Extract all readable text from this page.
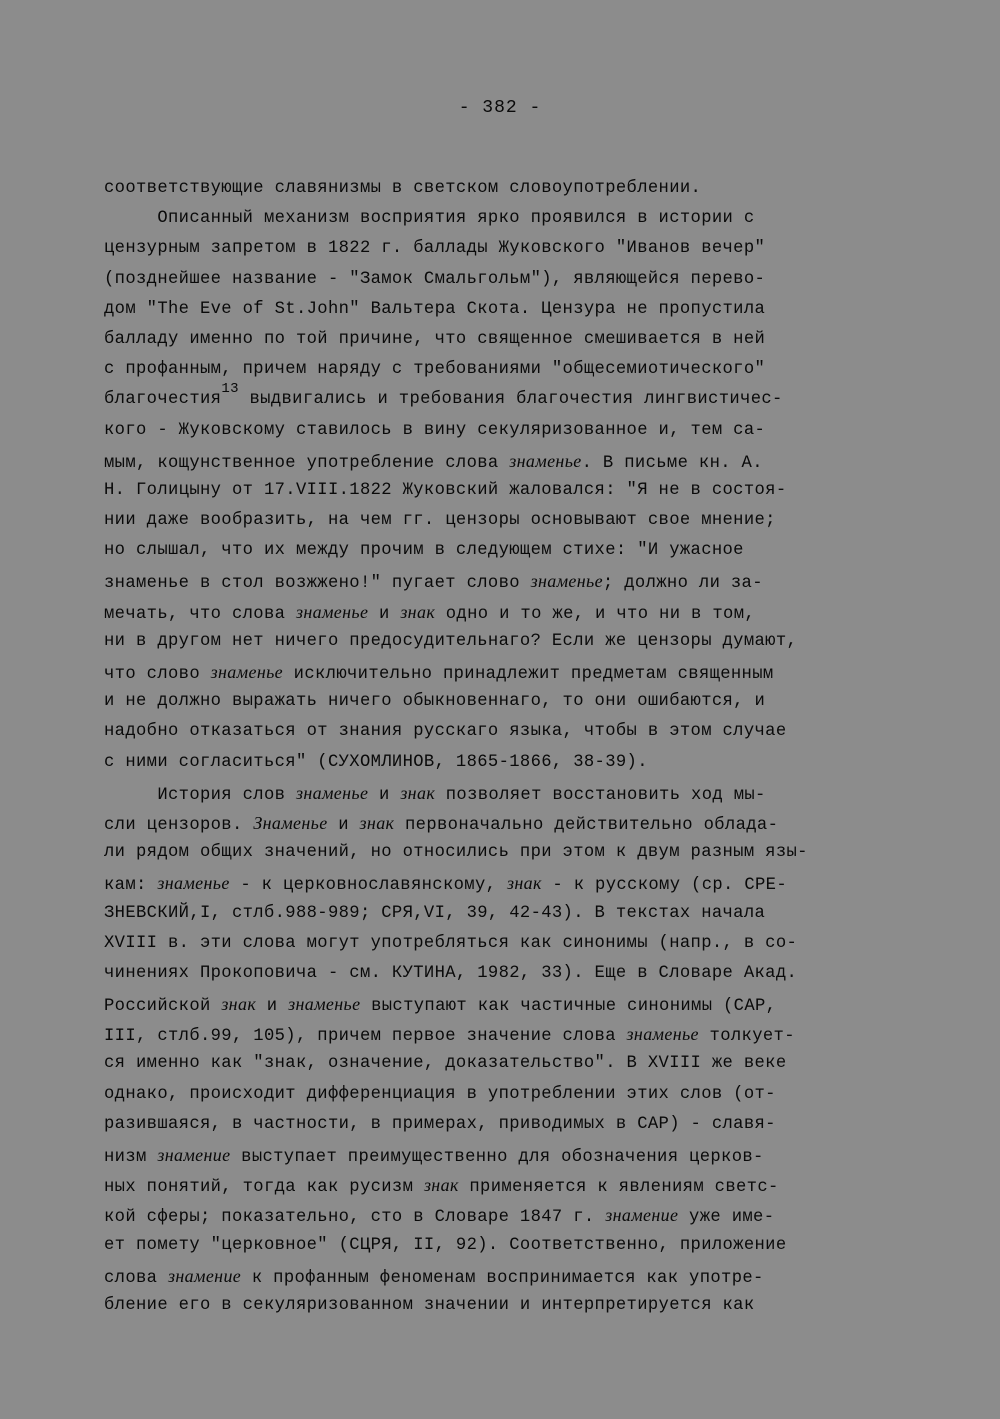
- 382 -
соответствующие славянизмы в светском словоупотреблении.
Описанный механизм восприятия ярко проявился в истории с
цензурным запретом в 1822 г. баллады Жуковского "Иванов вечер"
(позднейшее название - "Замок Смальгольм"), являющейся перево-
дом "The Eve of St.John" Вальтера Скота. Цензура не пропустила
балладу именно по той причине, что священное смешивается в ней
с профанным, причем наряду с требованиями "общесемиотического"
благочестия$^{13}$ выдвигались и требования благочестия лингвистичес-
кого - Жуковскому ставилось в вину секуляризованное и, тем са-
мым, кощунственное употребление слова знаменье. В письме кн. А.
Н. Голицыну от 17.VIII.1822 Жуковский жаловался: "Я не в состоя-
нии даже вообразить, на чем гг. цензоры основывают свое мнение;
но слышал, что их между прочим в следующем стихе: "И ужасное
знаменье в стол возжжено!" пугает слово знаменье; должно ли за-
мечать, что слова знаменье и знак одно и то же, и что ни в том,
ни в другом нет ничего предосудительнаго? Если же цензоры думают,
что слово знаменье исключительно принадлежит предметам священным
и не должно выражать ничего обыкновеннаго, то они ошибаются, и
надобно отказаться от знания русскаго языка, чтобы в этом случае
с ними согласиться" (СУХОМЛИНОВ, 1865-1866, 38-39).
История слов знаменье и знак позволяет восстановить ход мы-
сли цензоров. Знаменье и знак первоначально действительно облада-
ли рядом общих значений, но относились при этом к двум разным язы-
кам: знаменье - к церковнославянскому, знак - к русскому (ср. СРЕ-
ЗНЕВСКИЙ,I, стлб.988-989; СРЯ,VI, 39, 42-43). В текстах начала
XVIII в. эти слова могут употребляться как синонимы (напр., в со-
чинениях Прокоповича - см. КУТИНА, 1982, 33). Еще в Словаре Акад.
Российской знак и знаменье выступают как частичные синонимы (САР,
III, стлб.99, 105), причем первое значение слова знаменье толкует-
ся именно как "знак, означение, доказательство". В XVIII же веке
однако, происходит дифференциация в употреблении этих слов (от-
разившаяся, в частности, в примерах, приводимых в САР) - славя-
низм знамение выступает преимущественно для обозначения церков-
ных понятий, тогда как русизм знак применяется к явлениям светс-
кой сферы; показательно, сто в Словаре 1847 г. знамение уже име-
ет помету "церковное" (СЦРЯ, II, 92). Соответственно, приложение
слова знамение к профанным феноменам воспринимается как употре-
бление его в секуляризованном значении и интерпретируется как
